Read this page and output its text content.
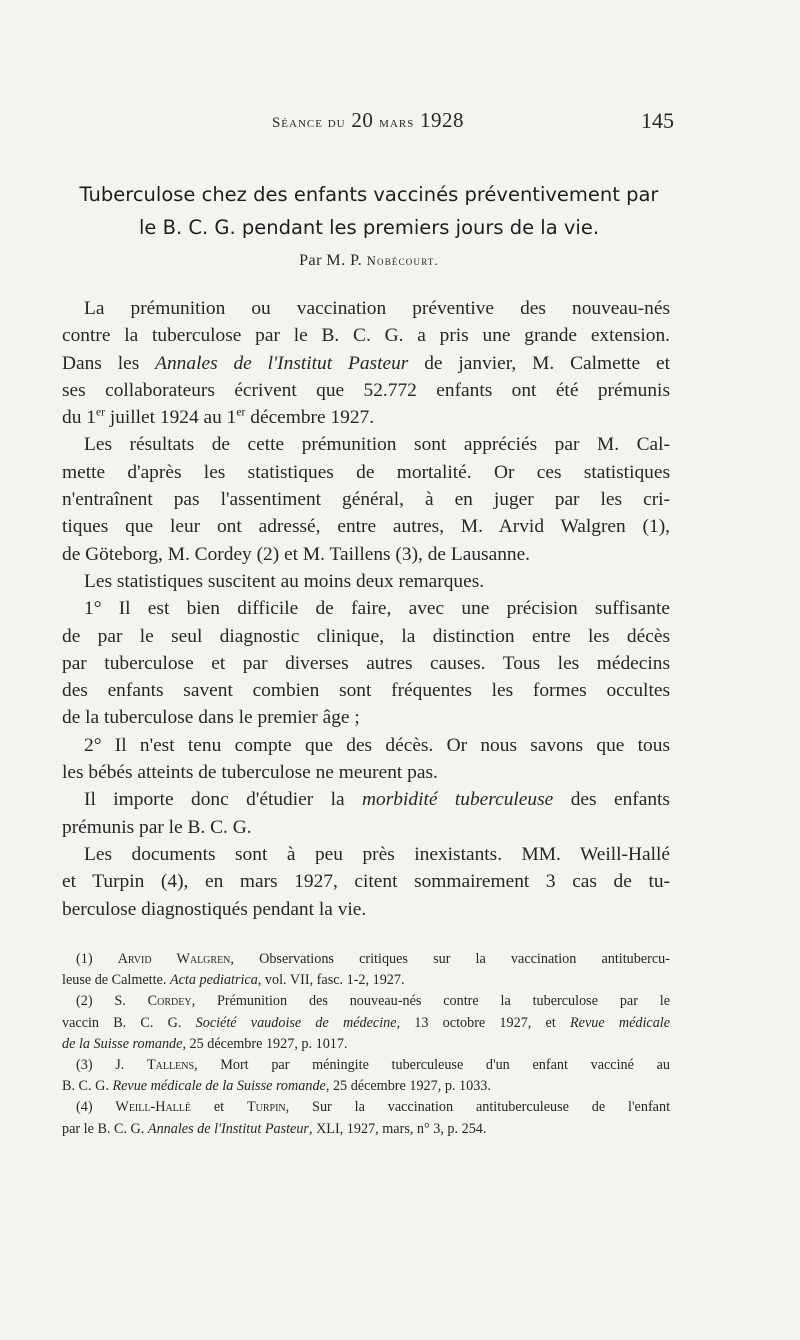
Séance du 20 mars 1928	145
Tuberculose chez des enfants vaccinés préventivement par
le B. C. G. pendant les premiers jours de la vie.
Par M. P. Nobécourt.
La prémunition ou vaccination préventive des nouveau-nés
contre la tuberculose par le B. C. G. a pris une grande extension.
Dans les Annales de l'Institut Pasteur de janvier, M. Calmette et
ses collaborateurs écrivent que 52.772 enfants ont été prémunis
du 1er juillet 1924 au 1er décembre 1927.
Les résultats de cette prémunition sont appréciés par M. Cal-
mette d'après les statistiques de mortalité. Or ces statistiques
n'entraînent pas l'assentiment général, à en juger par les cri-
tiques que leur ont adressé, entre autres, M. Arvid Walgren (1),
de Göteborg, M. Cordey (2) et M. Taillens (3), de Lausanne.
Les statistiques suscitent au moins deux remarques.
1° Il est bien difficile de faire, avec une précision suffisante
de par le seul diagnostic clinique, la distinction entre les décès
par tuberculose et par diverses autres causes. Tous les médecins
des enfants savent combien sont fréquentes les formes occultes
de la tuberculose dans le premier âge ;
2° Il n'est tenu compte que des décès. Or nous savons que tous
les bébés atteints de tuberculose ne meurent pas.
Il importe donc d'étudier la morbidité tuberculeuse des enfants
prémunis par le B. C. G.
Les documents sont à peu près inexistants. MM. Weill-Hallé
et Turpin (4), en mars 1927, citent sommairement 3 cas de tu-
berculose diagnostiqués pendant la vie.
(1) Arvid Walgren, Observations critiques sur la vaccination antitubercu-
leuse de Calmette. Acta pediatrica, vol. VII, fasc. 1-2, 1927.
(2) S. Cordey, Prémunition des nouveau-nés contre la tuberculose par le
vaccin B. C. G. Société vaudoise de médecine, 13 octobre 1927, et Revue médicale
de la Suisse romande, 25 décembre 1927, p. 1017.
(3) J. Tallens, Mort par méningite tuberculeuse d'un enfant vacciné au
B. C. G. Revue médicale de la Suisse romande, 25 décembre 1927, p. 1033.
(4) Weill-Hallé et Turpin, Sur la vaccination antituberculeuse de l'enfant
par le B. C. G. Annales de l'Institut Pasteur, XLI, 1927, mars, n° 3, p. 254.
